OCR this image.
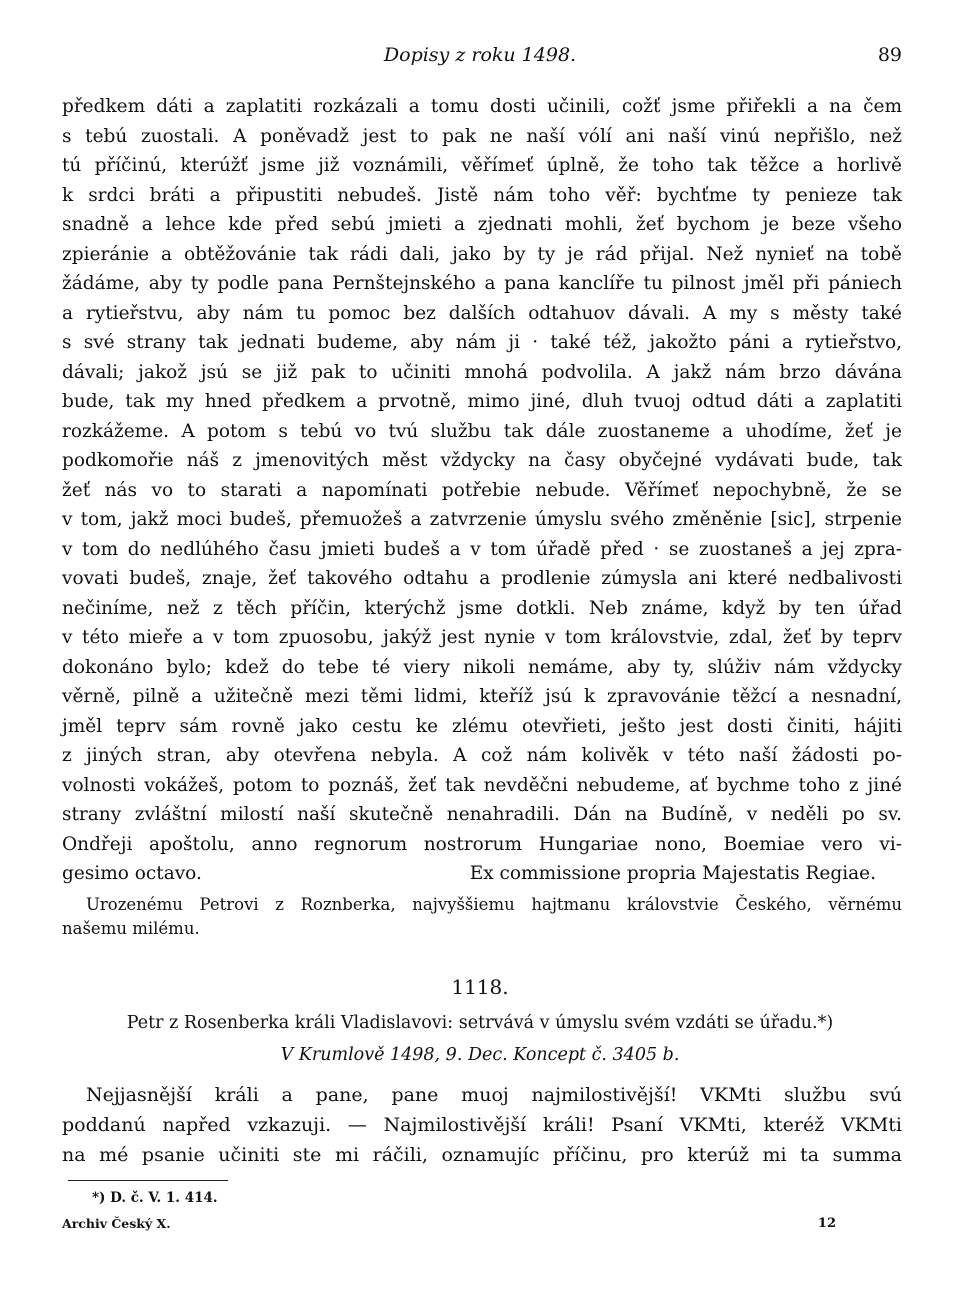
Dopisy z roku 1498.	89
předkem dáti a zaplatiti rozkázali a tomu dosti učinili, cožť jsme přiřekli a na čem
s tebú zuostali. A poněvadž jest to pak ne naší vólí ani naší vinú nepřišlo, než
tú příčinú, kterúžť jsme již voznámili, věřímeť úplně, že toho tak těžce a horlivě
k srdci bráti a připustiti nebudeš. Jistě nám toho věř: bychťme ty penieze tak
snadně a lehce kde před sebú jmieti a zjednati mohli, žeť bychom je beze všeho
zpieránie a obtěžovánie tak rádi dali, jako by ty je rád přijal. Než nynieť na tobě
žádáme, aby ty podle pana Pernštejnského a pana kanclíře tu pilnost jměl při pániech
a rytieřstvu, aby nám tu pomoc bez dalších odtahuov dávali. A my s městy také
s své strany tak jednati budeme, aby nám ji · také též, jakožto páni a rytieřstvo,
dávali; jakož jsú se již pak to učiniti mnohá podvolila. A jakž nám brzo dávána
bude, tak my hned předkem a prvotně, mimo jiné, dluh tvuoj odtud dáti a zaplatiti
rozkážeme. A potom s tebú vo tvú službu tak dále zuostaneme a uhodíme, žeť je
podkomořie náš z jmenovitých měst vždycky na časy obyčejné vydávati bude, tak
žeť nás vo to starati a napomínati potřebie nebude. Věřímeť nepochybně, že se
v tom, jakž moci budeš, přemuožeš a zatvrzenie úmyslu svého změněnie [sic], strpenie
v tom do nedlúhého času jmieti budeš a v tom úřadě před · se zuostaneš a jej zpra-
vovati budeš, znaje, žeť takového odtahu a prodlenie zúmysla ani které nedbalivosti
nečiníme, než z těch příčin, kterýchž jsme dotkli. Neb známe, když by ten úřad
v této mieře a v tom zpuosobu, jakýž jest nynie v tom královstvie, zdal, žeť by teprv
dokonáno bylo; kdež do tebe té viery nikoli nemáme, aby ty, slúživ nám vždycky
věrně, pilně a užitečně mezi těmi lidmi, kteříž jsú k zpravovánie těžcí a nesnadní,
jměl teprv sám rovně jako cestu ke zlému otevřieti, ješto jest dosti činiti, hájiti
z jiných stran, aby otevřena nebyla. A což nám kolivěk v této naší žádosti po-
volnosti vokážeš, potom to poznáš, žeť tak nevděčni nebudeme, ať bychme toho z jiné
strany zvláštní milostí naší skutečně nenahradili. Dán na Budíně, v neděli po sv.
Ondřeji apoštolu, anno regnorum nostrorum Hungariae nono, Boemiae vero vi-
gesimo octavo.	Ex commissione propria Majestatis Regiae.
Urozenému Petrovi z Roznberka, najvyššiemu hajtmanu královstvie Českého, věrnému
našemu milému.
1118.
Petr z Rosenberka králi Vladislavovi: setrvává v úmyslu svém vzdáti se úřadu.*)
V Krumlově 1498, 9. Dec. Koncept č. 3405 b.
Nejjasnější králi a pane, pane muoj najmilostivější! VKMti službu svú
poddanú napřed vzkazuji. — Najmilostivější králi! Psaní VKMti, kteréž VKMti
na mé psanie učiniti ste mi ráčili, oznamujíc příčinu, pro kterúž mi ta summa
*) D. č. V. 1. 414.
Archiv Český X.	12
